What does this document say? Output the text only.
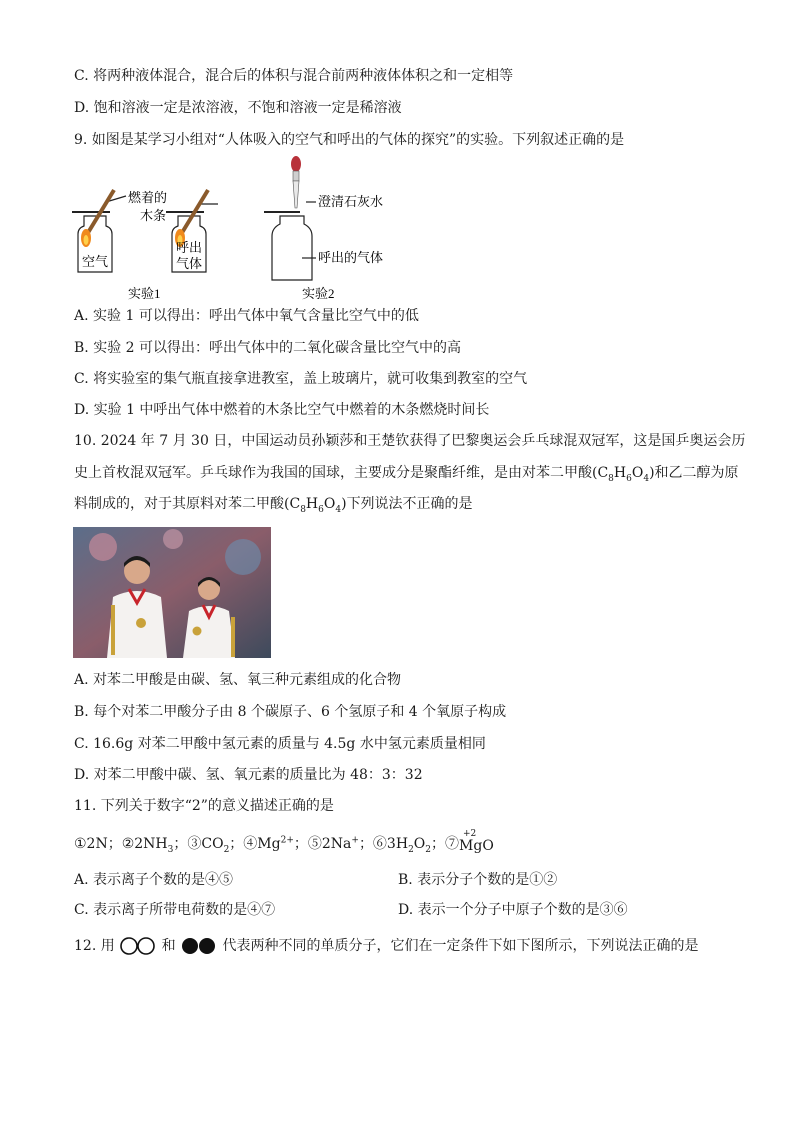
C. 将两种液体混合，混合后的体积与混合前两种液体体积之和一定相等
D. 饱和溶液一定是浓溶液，不饱和溶液一定是稀溶液
9. 如图是某学习小组对“人体吸入的空气和呼出的气体的探究”的实验。下列叙述正确的是
燃着的
木条
空气
呼出
气体
澄清石灰水
呼出的气体
实验1	实验2
A. 实验 1 可以得出：呼出气体中氧气含量比空气中的低
B. 实验 2 可以得出：呼出气体中的二氧化碳含量比空气中的高
C. 将实验室的集气瓶直接拿进教室，盖上玻璃片，就可收集到教室的空气
D. 实验 1 中呼出气体中燃着的木条比空气中燃着的木条燃烧时间长
10. 2024 年 7 月 30 日，中国运动员孙颖莎和王楚钦获得了巴黎奥运会乒乓球混双冠军，这是国乒奥运会历
史上首枚混双冠军。乒乓球作为我国的国球，主要成分是聚酯纤维，是由对苯二甲酸$(C_8H_6O_4)$和乙二醇为原
料制成的，对于其原料对苯二甲酸$(C_8H_6O_4)$下列说法不正确的是
A. 对苯二甲酸是由碳、氢、氧三种元素组成的化合物
B. 每个对苯二甲酸分子由 8 个碳原子、6 个氢原子和 4 个氧原子构成
C. 16.6g 对苯二甲酸中氢元素的质量与 4.5g 水中氢元素质量相同
D. 对苯二甲酸中碳、氢、氧元素的质量比为 48：3：32
11. 下列关于数字“2”的意义描述正确的是
①2N；$②2NH_3$；$③CO_2$；$④Mg^{2+}$；⑤2Na+；$⑥3H_2O_2$；⑦
+2
MgO
A. 表示离子个数的是④⑤	B. 表示分子个数的是①②
C. 表示离子所带电荷数的是④⑦	D. 表示一个分子中原子个数的是③⑥
12. 用	和	代表两种不同的单质分子，它们在一定条件下如下图所示，下列说法正确的是
